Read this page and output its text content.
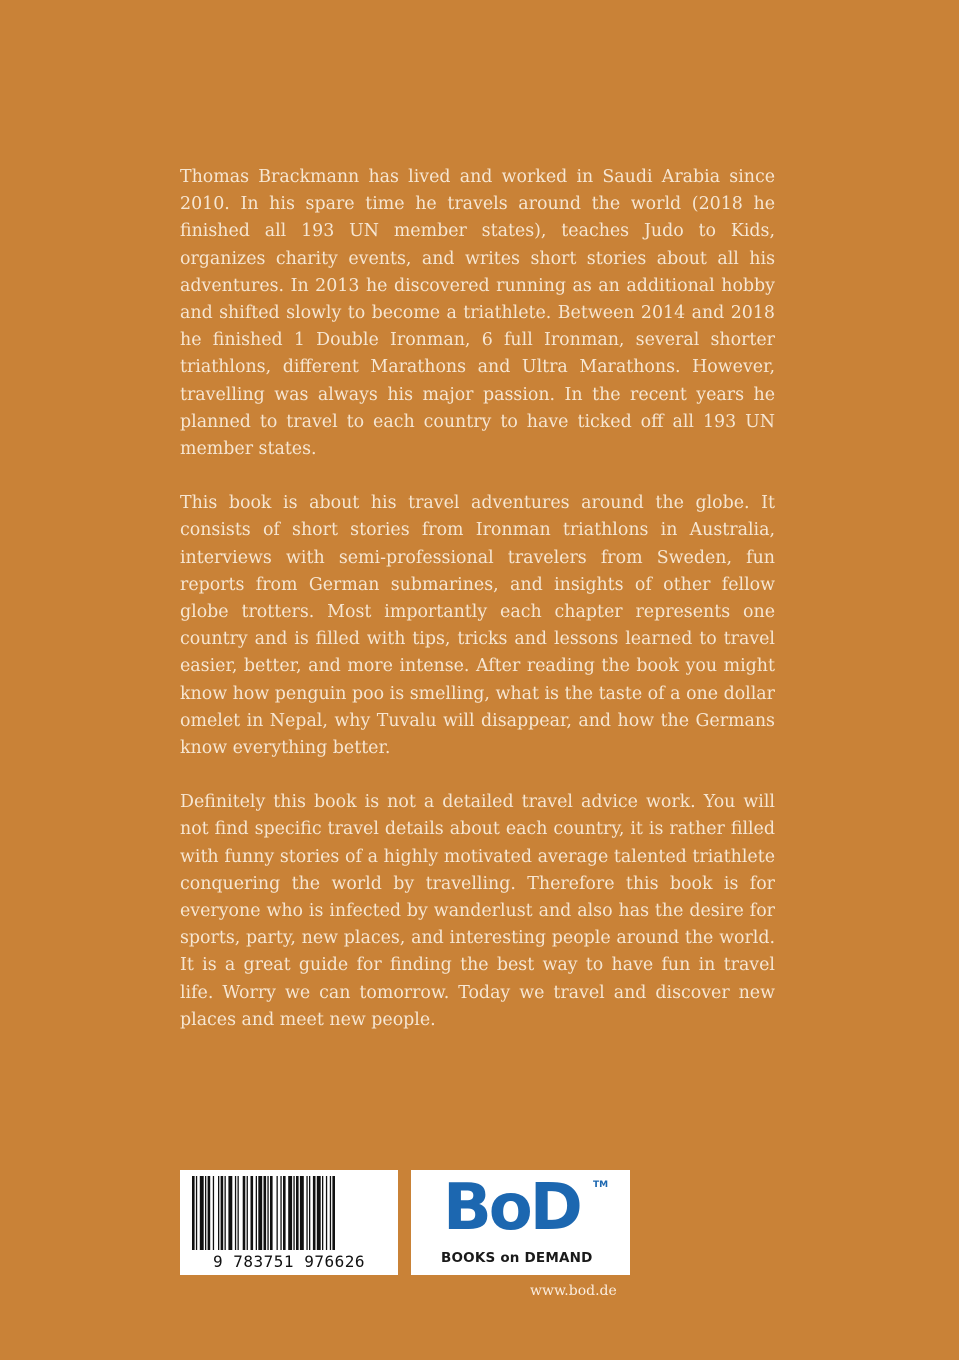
Thomas Brackmann has lived and worked in Saudi Arabia since 2010. In his spare time he travels around the world (2018 he finished all 193 UN member states), teaches Judo to Kids, organizes charity events, and writes short stories about all his adventures. In 2013 he discovered running as an additional hobby and shifted slowly to become a triathlete. Between 2014 and 2018 he finished 1 Double Ironman, 6 full Ironman, several shorter triathlons, different Marathons and Ultra Marathons. However, travelling was always his major passion. In the recent years he planned to travel to each country to have ticked off all 193 UN member states.

This book is about his travel adventures around the globe. It consists of short stories from Ironman triathlons in Australia, interviews with semi-professional travelers from Sweden, fun reports from German submarines, and insights of other fellow globe trotters. Most importantly each chapter represents one country and is filled with tips, tricks and lessons learned to travel easier, better, and more intense. After reading the book you might know how penguin poo is smelling, what is the taste of a one dollar omelet in Nepal, why Tuvalu will disappear, and how the Germans know everything better.

Definitely this book is not a detailed travel advice work. You will not find specific travel details about each country, it is rather filled with funny stories of a highly motivated average talented triathlete conquering the world by travelling. Therefore this book is for everyone who is infected by wanderlust and also has the desire for sports, party, new places, and interesting people around the world. It is a great guide for finding the best way to have fun in travel life. Worry we can tomorrow. Today we travel and discover new places and meet new people.

9 783751 976626
BoD TM
BOOKS on DEMAND
www.bod.de
